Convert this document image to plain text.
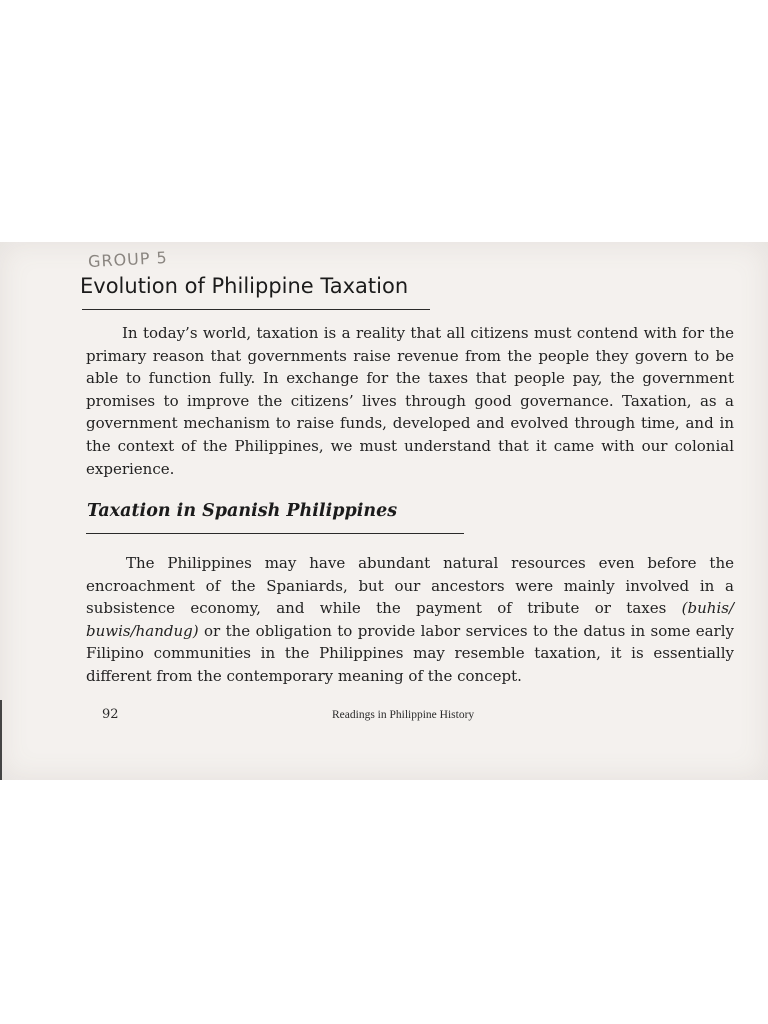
GROUP 5
Evolution of Philippine Taxation

In today’s world, taxation is a reality that all citizens must contend with for the primary reason that governments raise revenue from the people they govern to be able to function fully. In exchange for the taxes that people pay, the government promises to improve the citizens’ lives through good governance. Taxation, as a government mechanism to raise funds, developed and evolved through time, and in the context of the Philippines, we must understand that it came with our colonial experience.

Taxation in Spanish Philippines

The Philippines may have abundant natural resources even before the encroachment of the Spaniards, but our ancestors were mainly involved in a subsistence economy, and while the payment of tribute or taxes (buhis/ buwis/handug) or the obligation to provide labor services to the datus in some early Filipino communities in the Philippines may resemble taxation, it is essentially different from the contemporary meaning of the concept.

92	Readings in Philippine History
